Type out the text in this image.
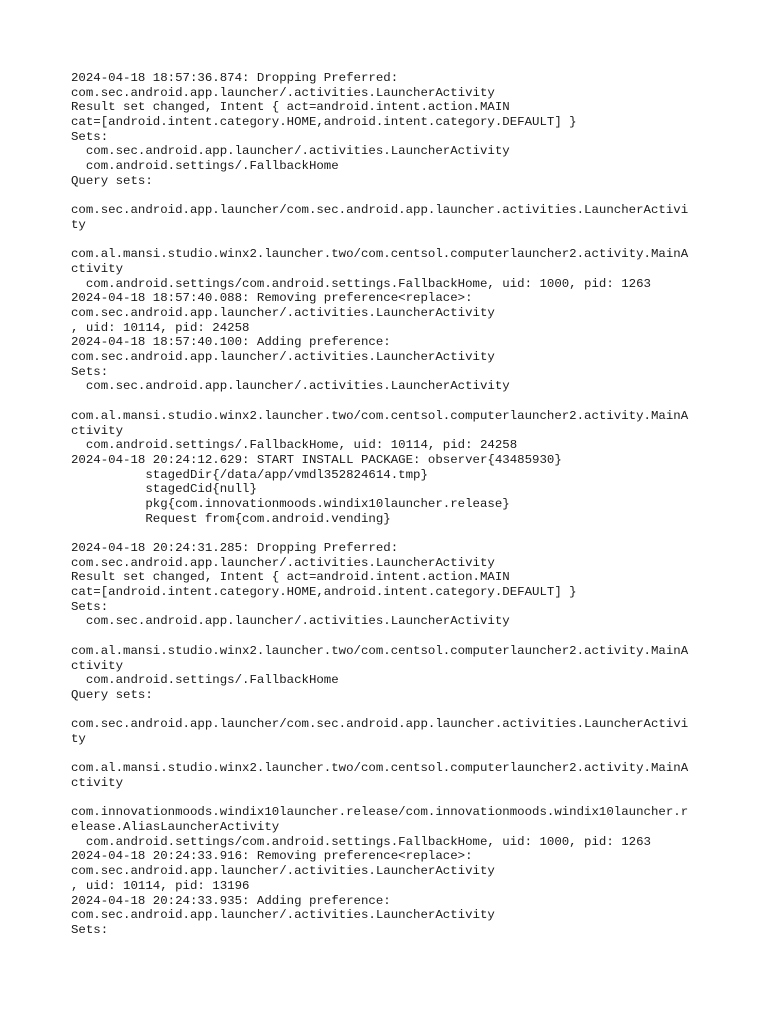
2024-04-18 18:57:36.874: Dropping Preferred:
com.sec.android.app.launcher/.activities.LauncherActivity
Result set changed, Intent { act=android.intent.action.MAIN
cat=[android.intent.category.HOME,android.intent.category.DEFAULT] }
Sets:
com.sec.android.app.launcher/.activities.LauncherActivity
com.android.settings/.FallbackHome
Query sets:
com.sec.android.app.launcher/com.sec.android.app.launcher.activities.LauncherActivi
ty
com.al.mansi.studio.winx2.launcher.two/com.centsol.computerlauncher2.activity.MainA
ctivity
com.android.settings/com.android.settings.FallbackHome, uid: 1000, pid: 1263
2024-04-18 18:57:40.088: Removing preference<replace>:
com.sec.android.app.launcher/.activities.LauncherActivity
, uid: 10114, pid: 24258
2024-04-18 18:57:40.100: Adding preference:
com.sec.android.app.launcher/.activities.LauncherActivity
Sets:
com.sec.android.app.launcher/.activities.LauncherActivity
com.al.mansi.studio.winx2.launcher.two/com.centsol.computerlauncher2.activity.MainA
ctivity
com.android.settings/.FallbackHome, uid: 10114, pid: 24258
2024-04-18 20:24:12.629: START INSTALL PACKAGE: observer{43485930}
stagedDir{/data/app/vmdl352824614.tmp}
stagedCid{null}
pkg{com.innovationmoods.windix10launcher.release}
Request from{com.android.vending}
2024-04-18 20:24:31.285: Dropping Preferred:
com.sec.android.app.launcher/.activities.LauncherActivity
Result set changed, Intent { act=android.intent.action.MAIN
cat=[android.intent.category.HOME,android.intent.category.DEFAULT] }
Sets:
com.sec.android.app.launcher/.activities.LauncherActivity
com.al.mansi.studio.winx2.launcher.two/com.centsol.computerlauncher2.activity.MainA
ctivity
com.android.settings/.FallbackHome
Query sets:
com.sec.android.app.launcher/com.sec.android.app.launcher.activities.LauncherActivi
ty
com.al.mansi.studio.winx2.launcher.two/com.centsol.computerlauncher2.activity.MainA
ctivity
com.innovationmoods.windix10launcher.release/com.innovationmoods.windix10launcher.r
elease.AliasLauncherActivity
com.android.settings/com.android.settings.FallbackHome, uid: 1000, pid: 1263
2024-04-18 20:24:33.916: Removing preference<replace>:
com.sec.android.app.launcher/.activities.LauncherActivity
, uid: 10114, pid: 13196
2024-04-18 20:24:33.935: Adding preference:
com.sec.android.app.launcher/.activities.LauncherActivity
Sets:
